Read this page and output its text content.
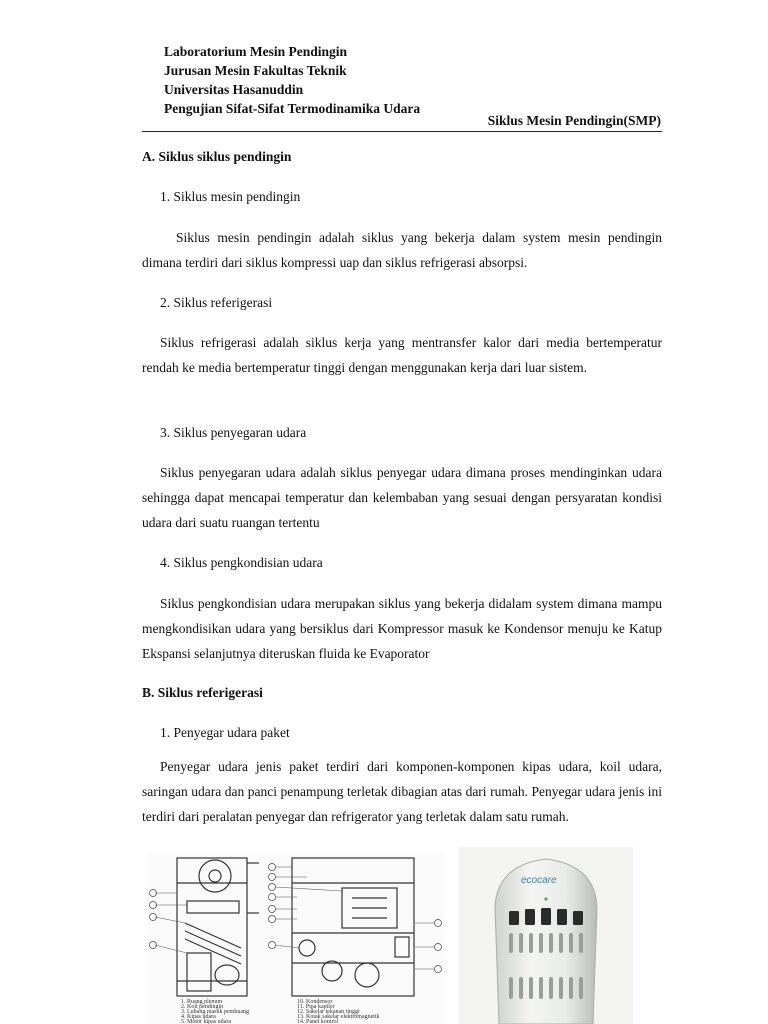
Laboratorium Mesin Pendingin
Jurusan Mesin Fakultas Teknik
Universitas Hasanuddin
Pengujian Sifat-Sifat Termodinamika Udara
Siklus Mesin Pendingin(SMP)
A. Siklus siklus pendingin
1. Siklus mesin pendingin
Siklus mesin pendingin adalah siklus yang bekerja dalam system mesin pendingin dimana terdiri dari siklus kompressi uap dan siklus refrigerasi absorpsi.
2. Siklus referigerasi
Siklus refrigerasi adalah siklus kerja yang mentransfer kalor dari media bertemperatur rendah ke media bertemperatur tinggi dengan menggunakan kerja dari luar sistem.
3. Siklus penyegaran udara
Siklus penyegaran udara adalah siklus penyegar udara dimana proses mendinginkan udara sehingga dapat mencapai temperatur dan kelembaban yang sesuai dengan persyaratan kondisi udara dari suatu ruangan tertentu
4. Siklus pengkondisian udara
Siklus pengkondisian udara merupakan siklus yang bekerja didalam system dimana mampu mengkondisikan udara yang bersiklus dari Kompressor masuk ke Kondensor menuju ke Katup Ekspansi selanjutnya diteruskan fluida ke Evaporator
B. Siklus referigerasi
1. Penyegar udara paket
Penyegar udara jenis paket terdiri dari komponen-komponen kipas udara, koil udara, saringan udara dan panci penampung terletak dibagian atas dari rumah. Penyegar udara jenis ini terdiri dari peralatan penyegar dan refrigerator yang terletak dalam satu rumah.
1. Ruang plenum
2. Koil pendingin
3. Lubang masuk pembuang
4. Kipas udara
5. Motor kipas udara
10. Kondensor
11. Pipa kapiler
12. Sakelar tekanan tinggi
13. Kotak sakelar elektromagnetik
14. Panel kontrol
ecocare
